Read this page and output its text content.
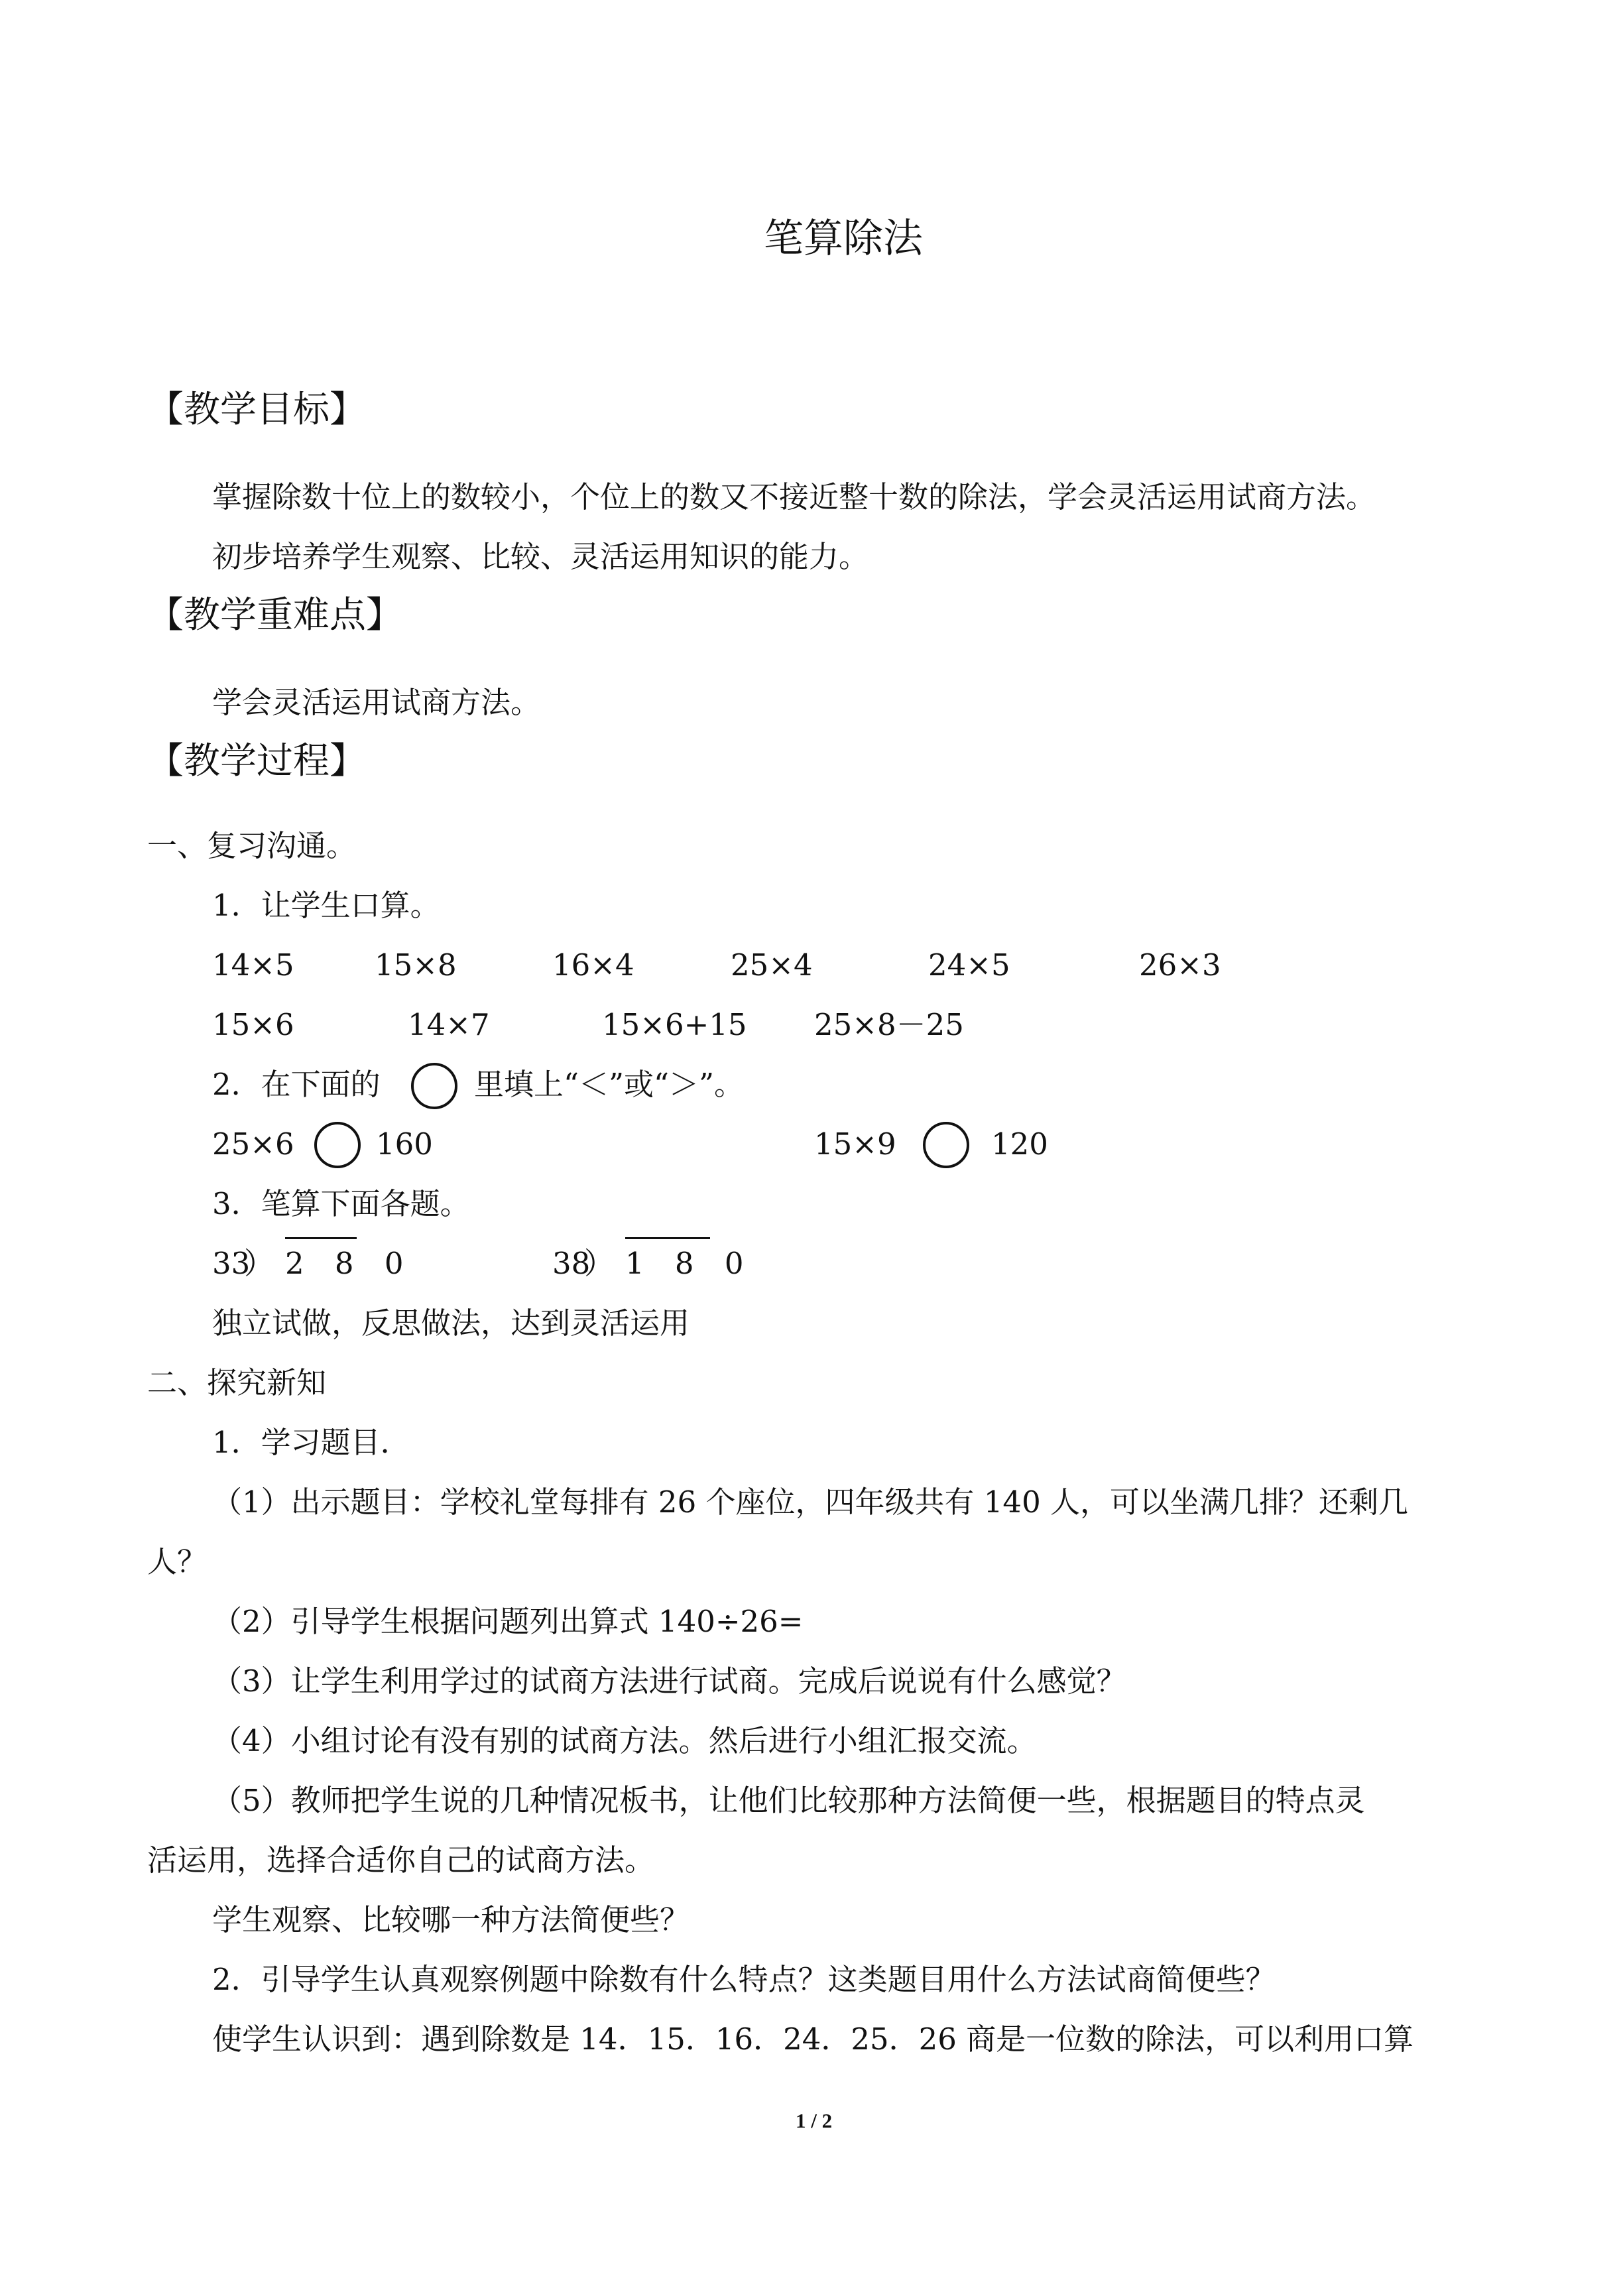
笔算除法
【教学目标】
掌握除数十位上的数较小，个位上的数又不接近整十数的除法，学会灵活运用试商方法。
初步培养学生观察、比较、灵活运用知识的能力。
【教学重难点】
学会灵活运用试商方法。
【教学过程】
一、复习沟通。
1．让学生口算。
14×5	15×8	16×4	25×4	24×5	26×3
15×6	14×7	15×6+15 25×8－25
2．在下面的	里填上“＜”或“＞”。
25×6	160	15×9	120
3．笔算下面各题。
33
） 2 8 0	38
） 1 8 0
独立试做，反思做法，达到灵活运用
二、探究新知
1．学习题目．
（1）出示题目：学校礼堂每排有 26 个座位，四年级共有 140 人，可以坐满几排？还剩几
人？
（2）引导学生根据问题列出算式 140÷26=
（3）让学生利用学过的试商方法进行试商。完成后说说有什么感觉？
（4）小组讨论有没有别的试商方法。然后进行小组汇报交流。
（5）教师把学生说的几种情况板书，让他们比较那种方法简便一些，根据题目的特点灵
活运用，选择合适你自己的试商方法。
学生观察、比较哪一种方法简便些？
2．引导学生认真观察例题中除数有什么特点？这类题目用什么方法试商简便些？
使学生认识到：遇到除数是 14．15．16．24．25．26 商是一位数的除法，可以利用口算
1 / 2
